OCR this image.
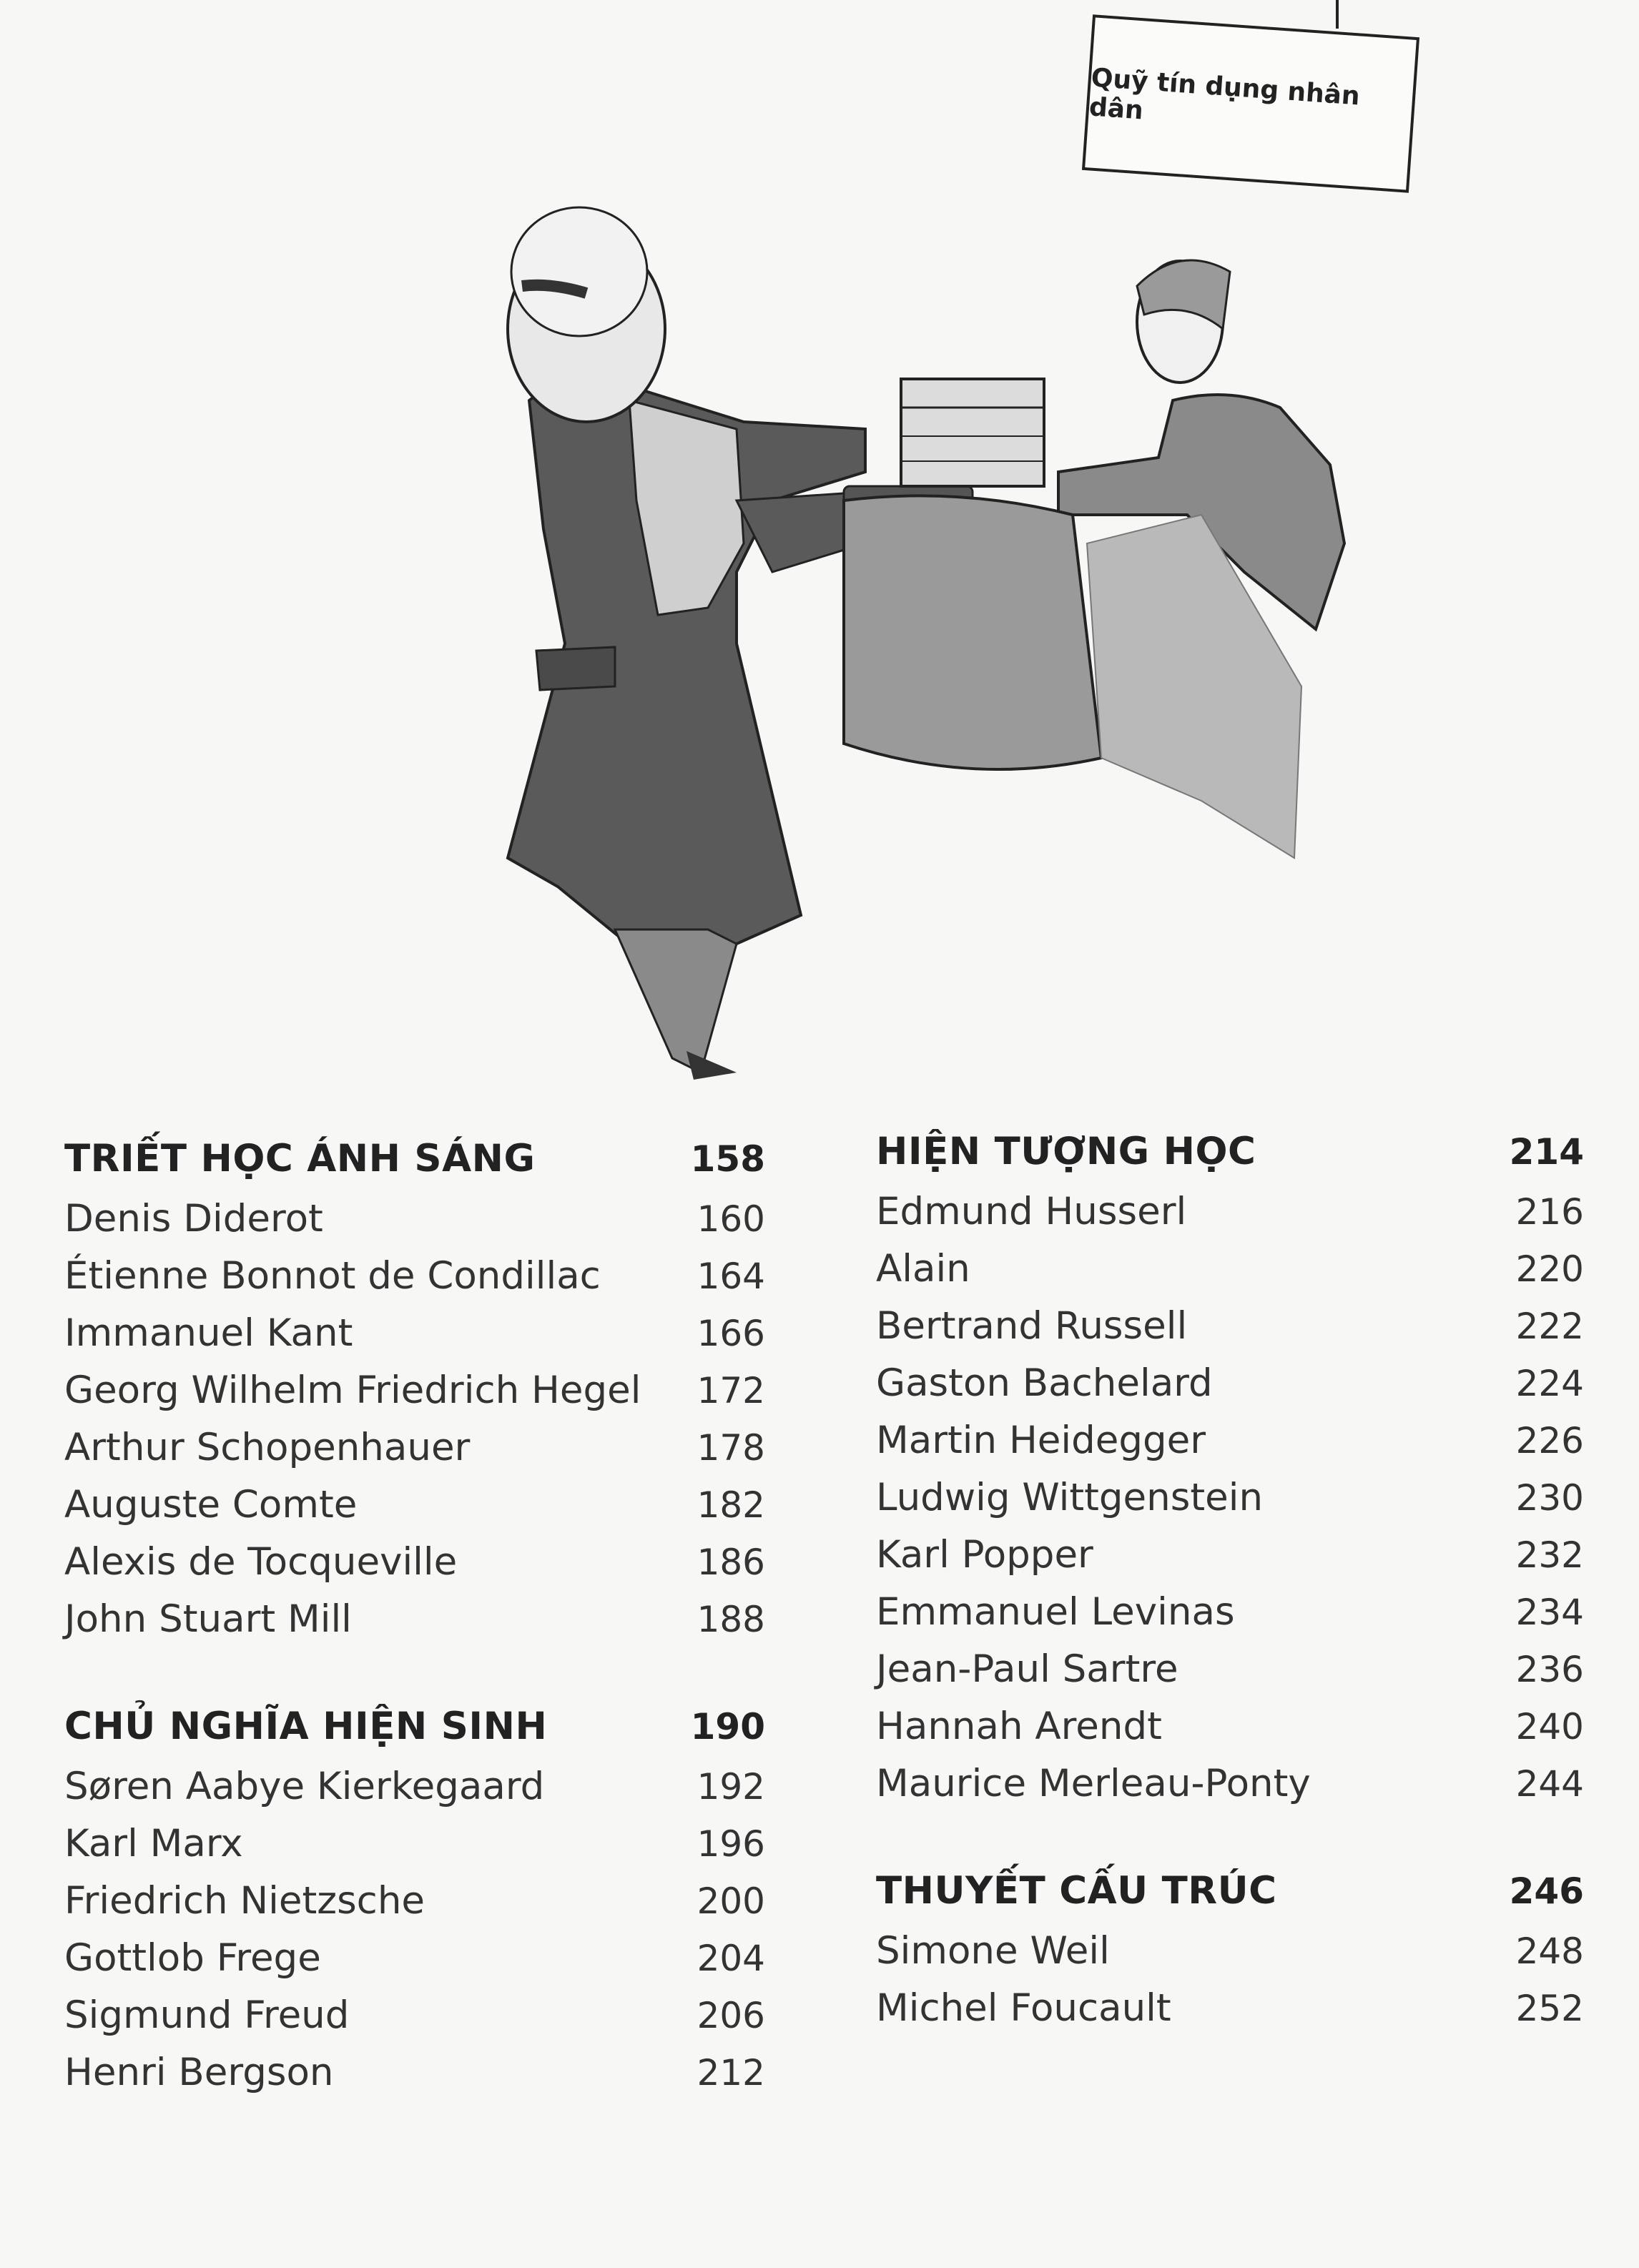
Quỹ tín dụng nhân dân
TRIẾT HỌC ÁNH SÁNG	158
Denis Diderot	160
Étienne Bonnot de Condillac	164
Immanuel Kant	166
Georg Wilhelm Friedrich Hegel 172
Arthur Schopenhauer	178
Auguste Comte	182
Alexis de Tocqueville	186
John Stuart Mill	188
CHỦ NGHĨA HIỆN SINH	190
Søren Aabye Kierkegaard	192
Karl Marx	196
Friedrich Nietzsche	200
Gottlob Frege	204
Sigmund Freud	206
Henri Bergson	212
HIỆN TƯỢNG HỌC	214
Edmund Husserl	216
Alain	220
Bertrand Russell	222
Gaston Bachelard	224
Martin Heidegger	226
Ludwig Wittgenstein	230
Karl Popper	232
Emmanuel Levinas	234
Jean-Paul Sartre	236
Hannah Arendt	240
Maurice Merleau-Ponty	244
THUYẾT CẤU TRÚC	246
Simone Weil	248
Michel Foucault	252
